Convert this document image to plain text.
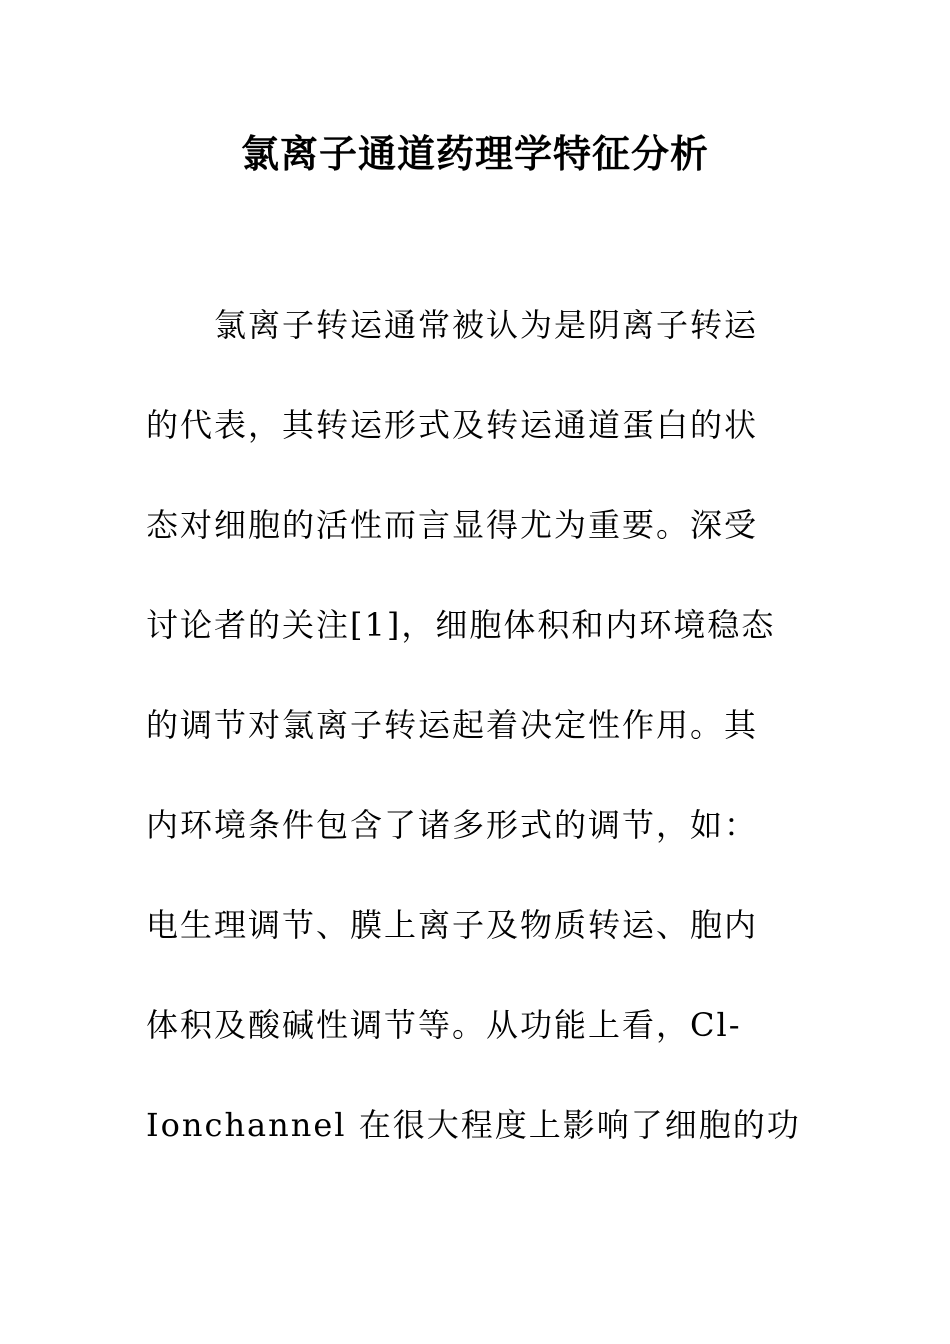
氯离子通道药理学特征分析
氯离子转运通常被认为是阴离子转运
的代表，其转运形式及转运通道蛋白的状
态对细胞的活性而言显得尤为重要。深受
讨论者的关注[1]，细胞体积和内环境稳态
的调节对氯离子转运起着决定性作用。其
内环境条件包含了诸多形式的调节，如：
电生理调节、膜上离子及物质转运、胞内
体积及酸碱性调节等。从功能上看，Cl-
Ionchannel 在很大程度上影响了细胞的功
